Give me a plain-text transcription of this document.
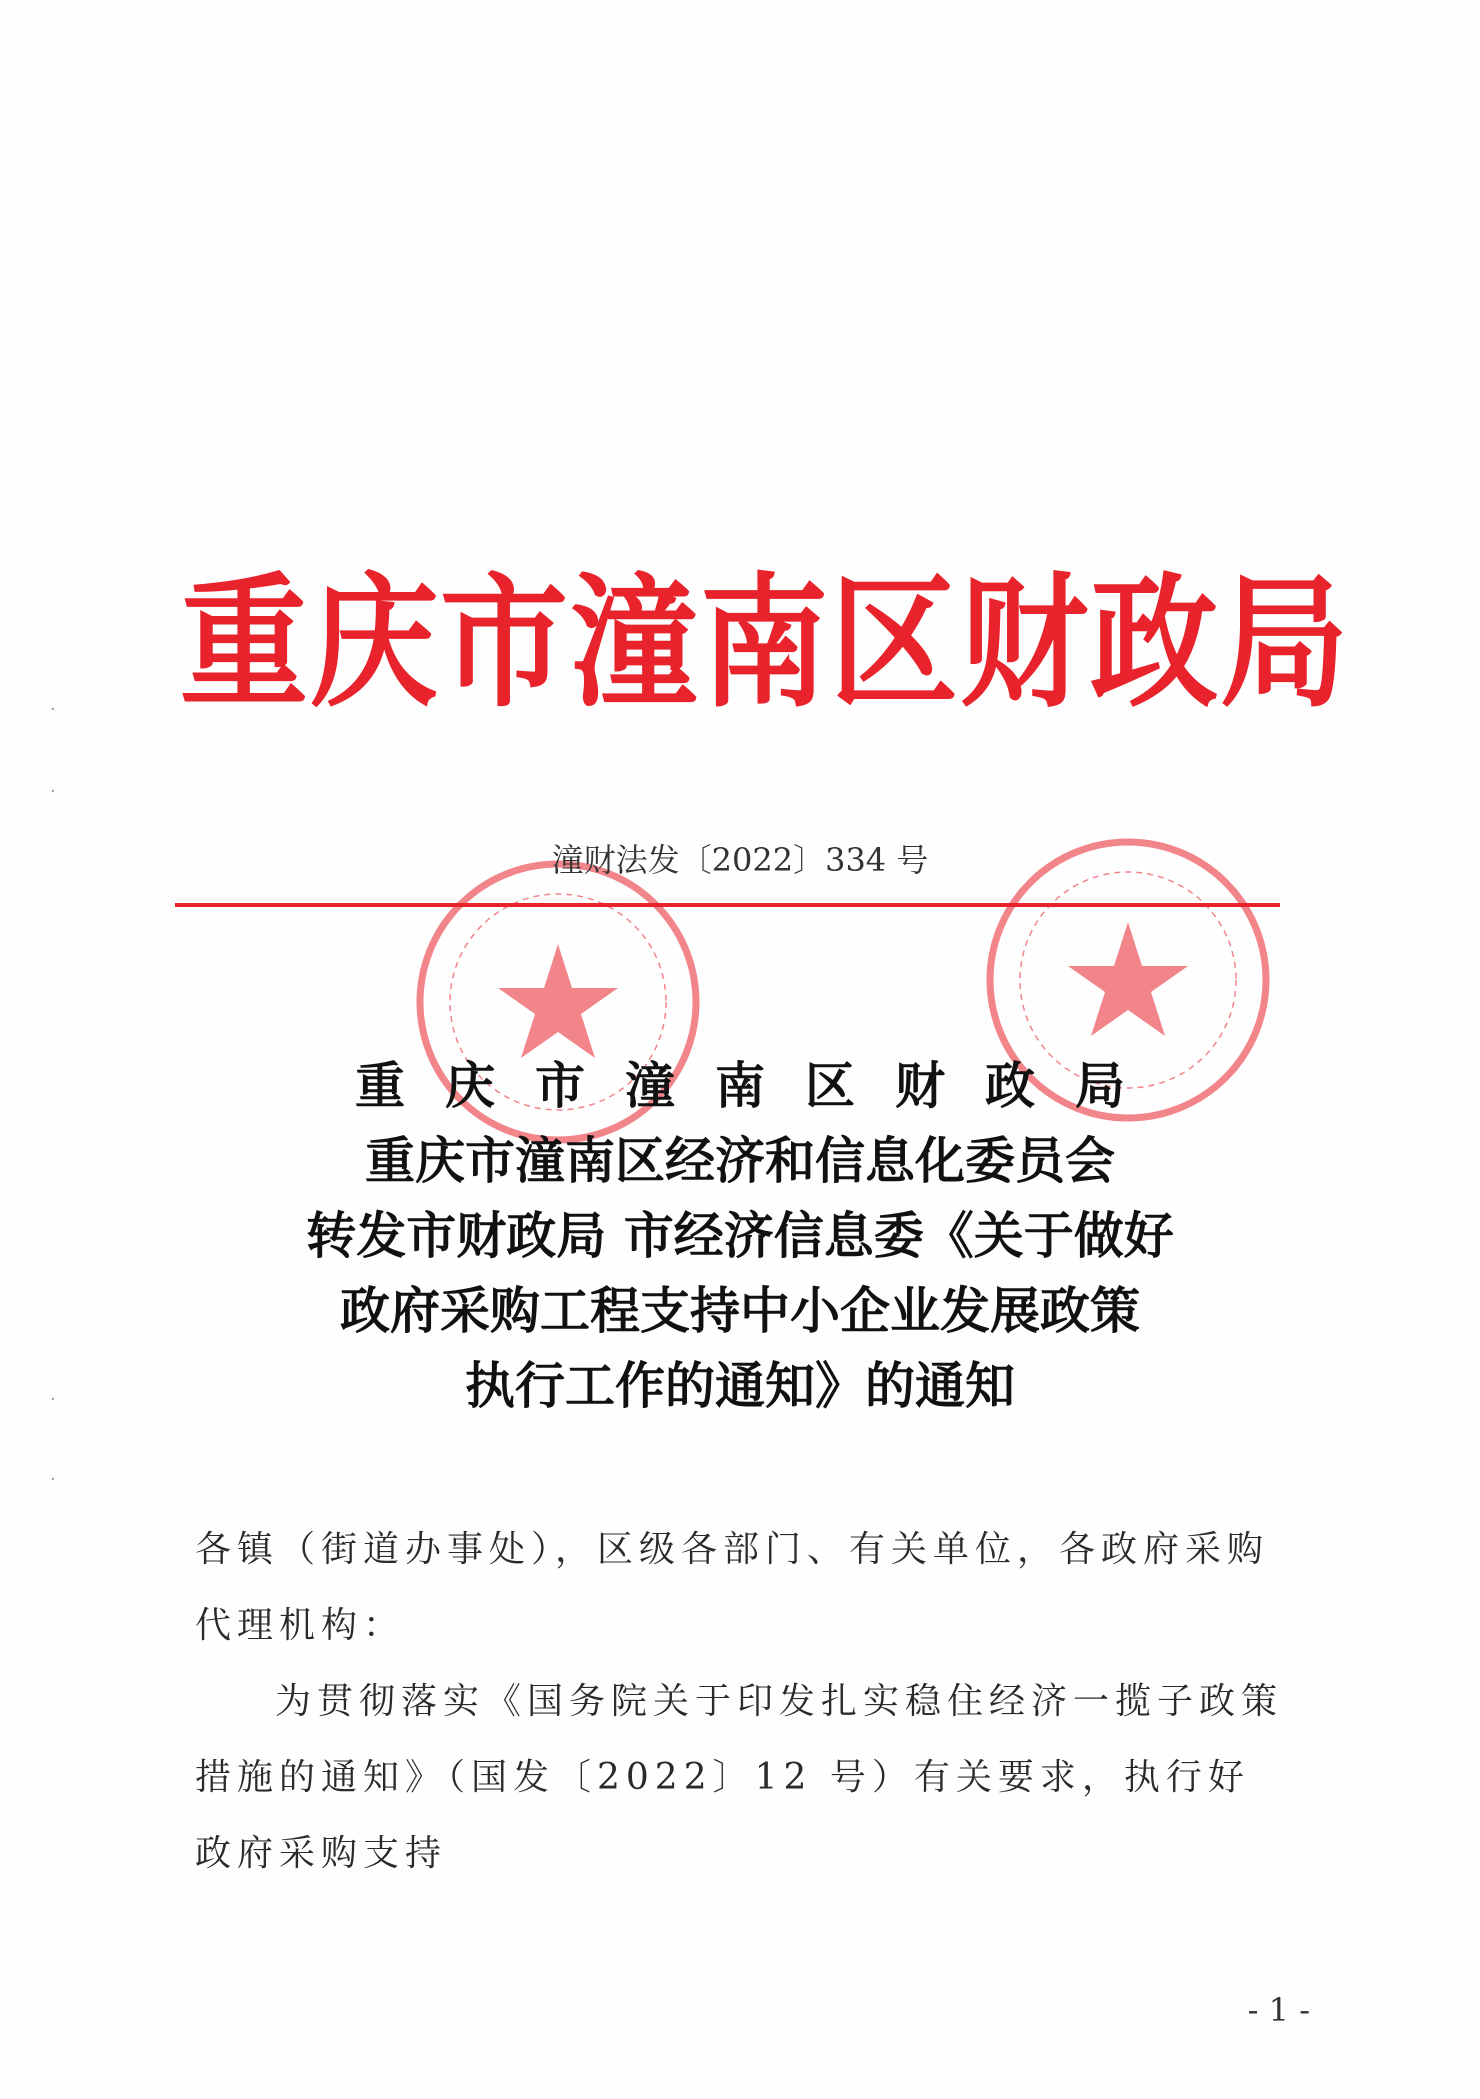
·
·
·
·
重庆市潼南区财政局
潼财法发〔2022〕334 号
重庆市潼南区财政局
重庆市潼南区经济和信息化委员会
转发市财政局 市经济信息委《关于做好
政府采购工程支持中小企业发展政策
执行工作的通知》的通知
各镇（街道办事处），区级各部门、有关单位，各政府采购代理机构：
为贯彻落实《国务院关于印发扎实稳住经济一揽子政策措施的通知》（国发〔2022〕12 号）有关要求，执行好政府采购支持
- 1 -
